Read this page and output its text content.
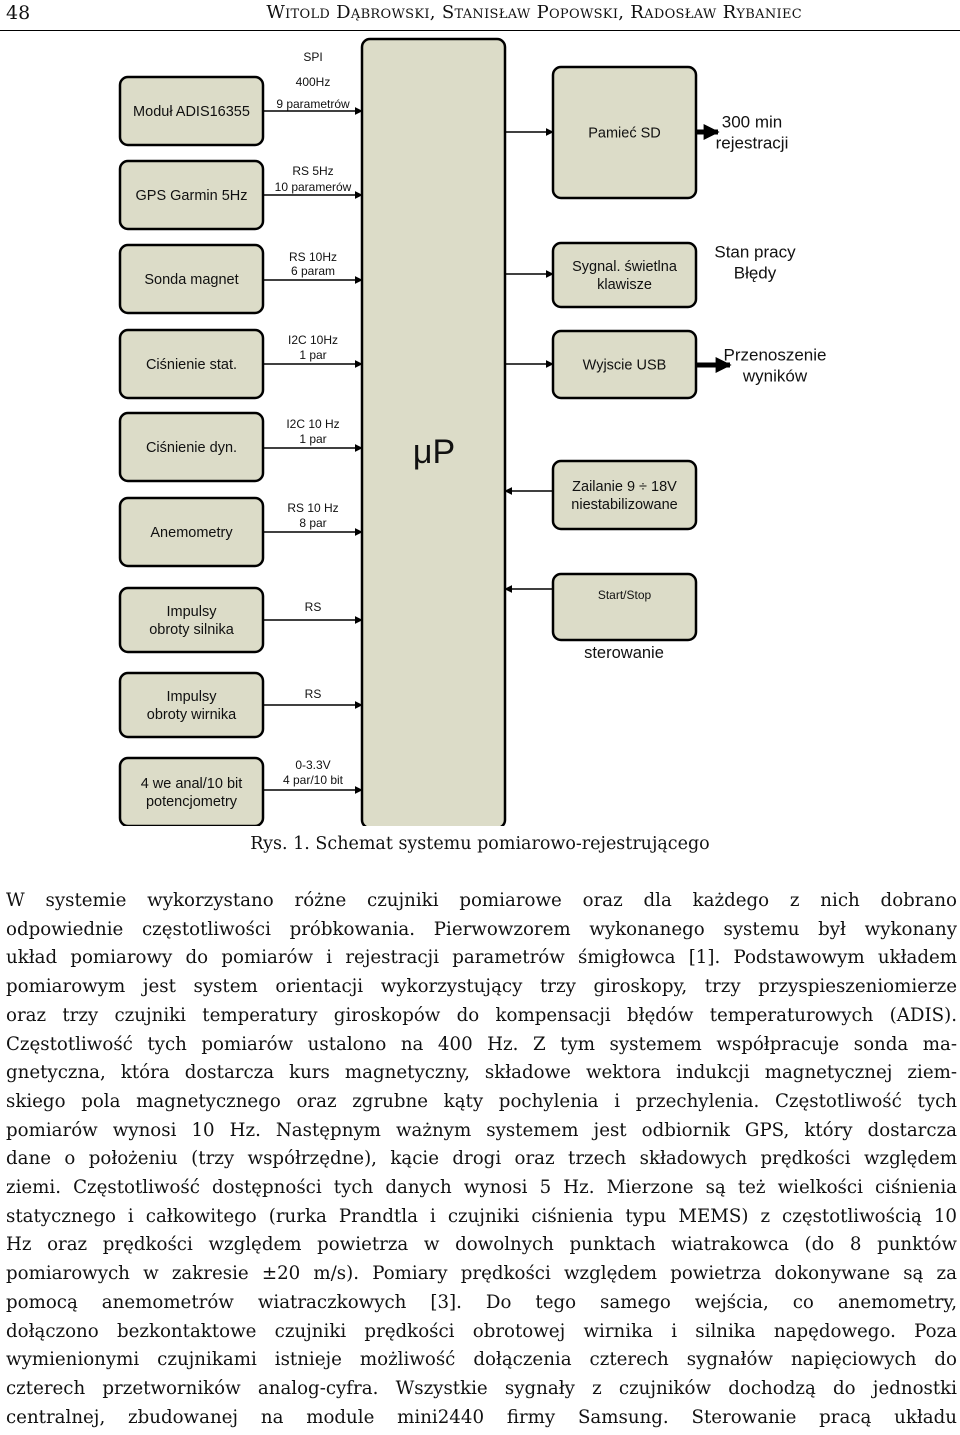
48	Witold Dąbrowski, Stanisław Popowski, Radosław Rybaniec
Moduł ADIS16355
GPS Garmin 5Hz
Sonda magnet
Ciśnienie stat.
Ciśnienie dyn.
Anemometry
Impulsy
obroty silnika
Impulsy
obroty wirnika
4 we anal/10 bit
potencjometry
μP
Pamieć SD
Sygnal. świetlna
klawisze
Wyjscie USB
Zailanie 9 ÷ 18V
niestabilizowane
Start/Stop
SPI
400Hz
9 parametrów
RS 5Hz
10 paramerów
RS 10Hz
6 param
I2C 10Hz
1 par
I2C 10 Hz
1 par
RS 10 Hz
8 par
RS
RS
0-3.3V
4 par/10 bit
300 min
rejestracji
Stan pracy
Błędy
Przenoszenie
wyników
sterowanie
Rys. 1. Schemat systemu pomiarowo-rejestrującego
W systemie wykorzystano różne czujniki pomiarowe oraz dla każdego z nich dobrano
odpowiednie częstotliwości próbkowania. Pierwowzorem wykonanego systemu był wykonany
układ pomiarowy do pomiarów i rejestracji parametrów śmigłowca [1]. Podstawowym układem
pomiarowym jest system orientacji wykorzystujący trzy giroskopy, trzy przyspieszeniomierze
oraz trzy czujniki temperatury giroskopów do kompensacji błędów temperaturowych (ADIS).
Częstotliwość tych pomiarów ustalono na 400 Hz. Z tym systemem współpracuje sonda ma-
gnetyczna, która dostarcza kurs magnetyczny, składowe wektora indukcji magnetycznej ziem-
skiego pola magnetycznego oraz zgrubne kąty pochylenia i przechylenia. Częstotliwość tych
pomiarów wynosi 10 Hz. Następnym ważnym systemem jest odbiornik GPS, który dostarcza
dane o położeniu (trzy współrzędne), kącie drogi oraz trzech składowych prędkości względem
ziemi. Częstotliwość dostępności tych danych wynosi 5 Hz. Mierzone są też wielkości ciśnienia
statycznego i całkowitego (rurka Prandtla i czujniki ciśnienia typu MEMS) z częstotliwością 10
Hz oraz prędkości względem powietrza w dowolnych punktach wiatrakowca (do 8 punktów
pomiarowych w zakresie ±20 m/s). Pomiary prędkości względem powietrza dokonywane są za
pomocą anemometrów wiatraczkowych [3]. Do tego samego wejścia, co anemometry,
dołączono bezkontaktowe czujniki prędkości obrotowej wirnika i silnika napędowego. Poza
wymienionymi czujnikami istnieje możliwość dołączenia czterech sygnałów napięciowych do
czterech przetworników analog-cyfra. Wszystkie sygnały z czujników dochodzą do jednostki
centralnej, zbudowanej na module mini2440 firmy Samsung. Sterowanie pracą układu
